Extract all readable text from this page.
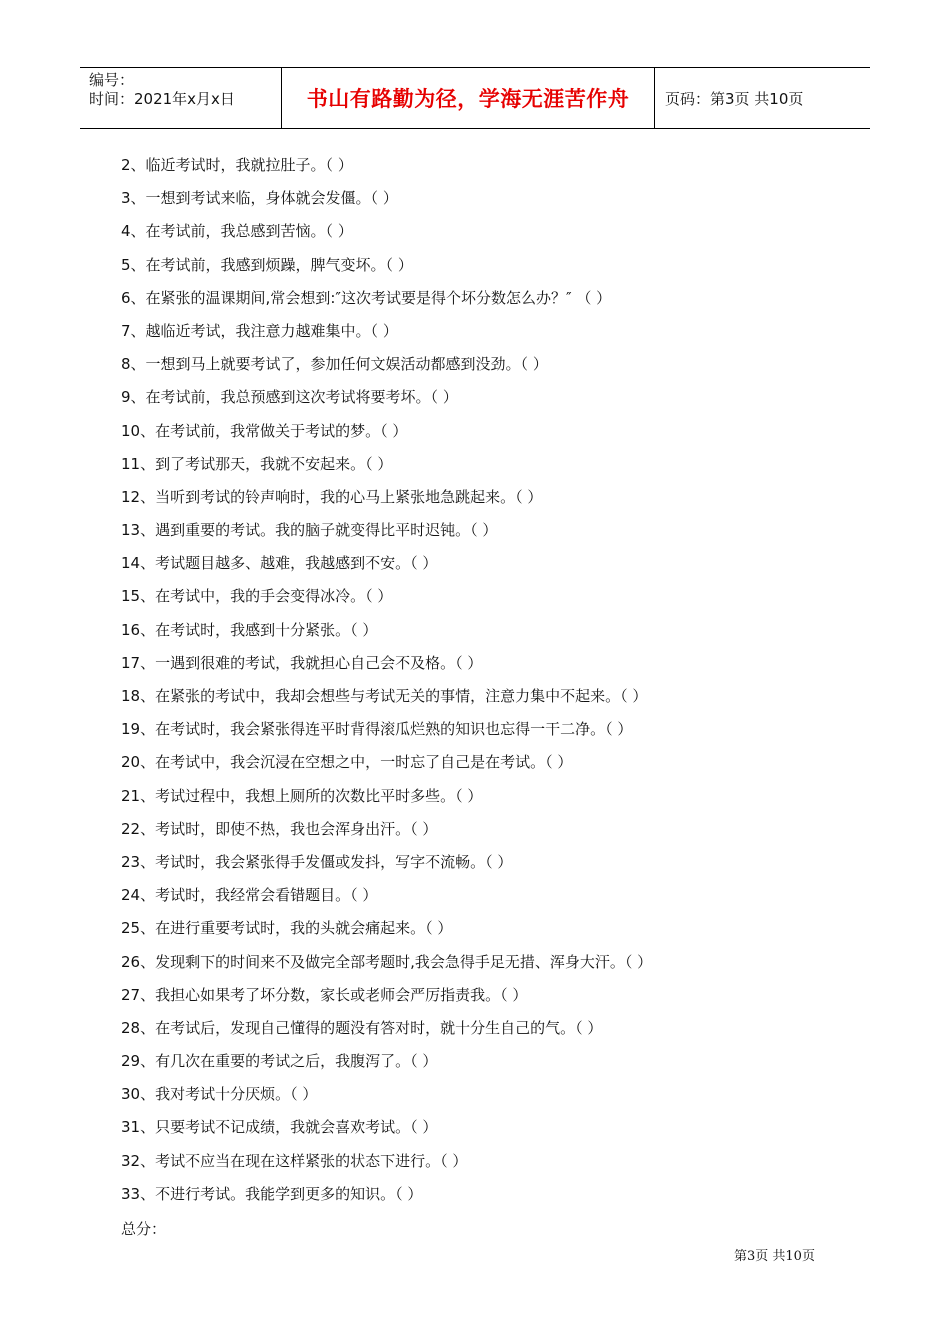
编号：
时间：2021年x月x日	书山有路勤为径，学海无涯苦作舟	页码：第3页 共10页
2、临近考试时，我就拉肚子。（ ）
3、一想到考试来临，身体就会发僵。（ ）
4、在考试前，我总感到苦恼。（ ）
5、在考试前，我感到烦躁，脾气变坏。（ ）
6、在紧张的温课期间,常会想到:″这次考试要是得个坏分数怎么办？″ （ ）
7、越临近考试，我注意力越难集中。（ ）
8、一想到马上就要考试了，参加任何文娱活动都感到没劲。（ ）
9、在考试前，我总预感到这次考试将要考坏。（ ）
10、在考试前，我常做关于考试的梦。（ ）
11、到了考试那天，我就不安起来。（ ）
12、当听到考试的铃声响时，我的心马上紧张地急跳起来。（ ）
13、遇到重要的考试。我的脑子就变得比平时迟钝。（ ）
14、考试题目越多、越难，我越感到不安。（ ）
15、在考试中，我的手会变得冰冷。（ ）
16、在考试时，我感到十分紧张。（ ）
17、一遇到很难的考试，我就担心自己会不及格。（ ）
18、在紧张的考试中，我却会想些与考试无关的事情，注意力集中不起来。（ ）
19、在考试时，我会紧张得连平时背得滚瓜烂熟的知识也忘得一干二净。（ ）
20、在考试中，我会沉浸在空想之中，一时忘了自己是在考试。（ ）
21、考试过程中，我想上厕所的次数比平时多些。（ ）
22、考试时，即使不热，我也会浑身出汗。（ ）
23、考试时，我会紧张得手发僵或发抖，写字不流畅。（ ）
24、考试时，我经常会看错题目。（ ）
25、在进行重要考试时，我的头就会痛起来。（ ）
26、发现剩下的时间来不及做完全部考题时,我会急得手足无措、浑身大汗。（ ）
27、我担心如果考了坏分数，家长或老师会严厉指责我。（ ）
28、在考试后，发现自己懂得的题没有答对时，就十分生自己的气。（ ）
29、有几次在重要的考试之后，我腹泻了。（ ）
30、我对考试十分厌烦。（ ）
31、只要考试不记成绩，我就会喜欢考试。（ ）
32、考试不应当在现在这样紧张的状态下进行。（ ）
33、不进行考试。我能学到更多的知识。（ ）
总分：
第3页 共10页
